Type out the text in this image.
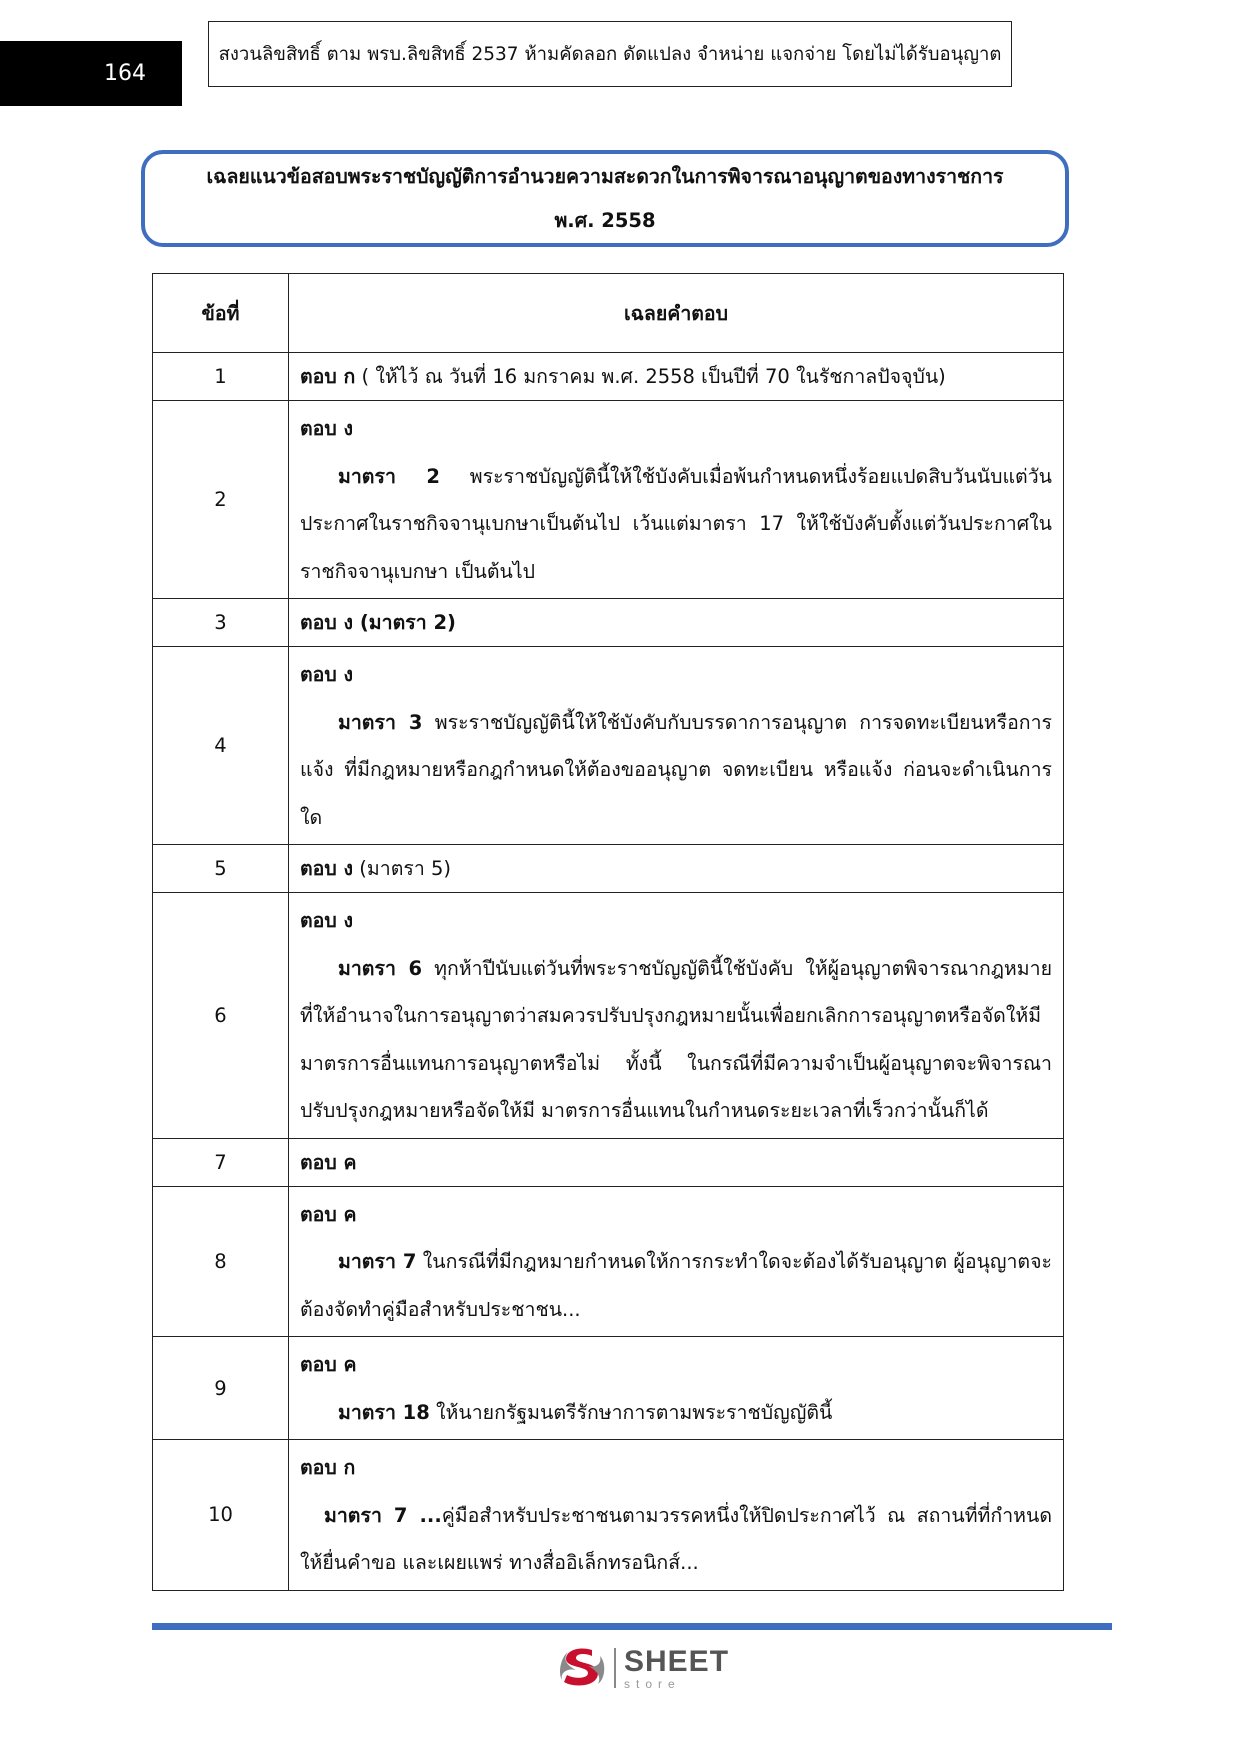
164
สงวนลิขสิทธิ์ ตาม พรบ.ลิขสิทธิ์ 2537 ห้ามคัดลอก ดัดแปลง จำหน่าย แจกจ่าย โดยไม่ได้รับอนุญาต
เฉลยแนวข้อสอบพระราชบัญญัติการอำนวยความสะดวกในการพิจารณาอนุญาตของทางราชการ
พ.ศ. 2558
ข้อที่	เฉลยคำตอบ
1	ตอบ ก ( ให้ไว้ ณ วันที่ 16 มกราคม พ.ศ. 2558 เป็นปีที่ 70 ในรัชกาลปัจจุบัน)
2	ตอบ ง

มาตรา 2 พระราชบัญญัตินี้ให้ใช้บังคับเมื่อพ้นกำหนดหนึ่งร้อยแปดสิบวันนับแต่วันประกาศในราชกิจจานุเบกษาเป็นต้นไป เว้นแต่มาตรา 17 ให้ใช้บังคับตั้งแต่วันประกาศในราชกิจจานุเบกษา เป็นต้นไป

3	ตอบ ง (มาตรา 2)
4	ตอบ ง

มาตรา 3 พระราชบัญญัตินี้ให้ใช้บังคับกับบรรดาการอนุญาต การจดทะเบียนหรือการแจ้ง ที่มีกฎหมายหรือกฎกำหนดให้ต้องขออนุญาต จดทะเบียน หรือแจ้ง ก่อนจะดำเนินการใด

5	ตอบ ง (มาตรา 5)
6	ตอบ ง

มาตรา 6 ทุกห้าปีนับแต่วันที่พระราชบัญญัตินี้ใช้บังคับ ให้ผู้อนุญาตพิจารณากฎหมาย ที่ให้อำนาจในการอนุญาตว่าสมควรปรับปรุงกฎหมายนั้นเพื่อยกเลิกการอนุญาตหรือจัดให้มีมาตรการอื่นแทนการอนุญาตหรือไม่ ทั้งนี้ ในกรณีที่มีความจำเป็นผู้อนุญาตจะพิจารณาปรับปรุงกฎหมายหรือจัดให้มี มาตรการอื่นแทนในกำหนดระยะเวลาที่เร็วกว่านั้นก็ได้

7	ตอบ ค
8	ตอบ ค

มาตรา 7 ในกรณีที่มีกฎหมายกำหนดให้การกระทำใดจะต้องได้รับอนุญาต ผู้อนุญาตจะต้องจัดทำคู่มือสำหรับประชาชน...

9	ตอบ ค

มาตรา 18 ให้นายกรัฐมนตรีรักษาการตามพระราชบัญญัตินี้

10	ตอบ ก

มาตรา 7 ...คู่มือสำหรับประชาชนตามวรรคหนึ่งให้ปิดประกาศไว้ ณ สถานที่ที่กำหนดให้ยื่นคำขอ และเผยแพร่ ทางสื่ออิเล็กทรอนิกส์...

SHEET
store
